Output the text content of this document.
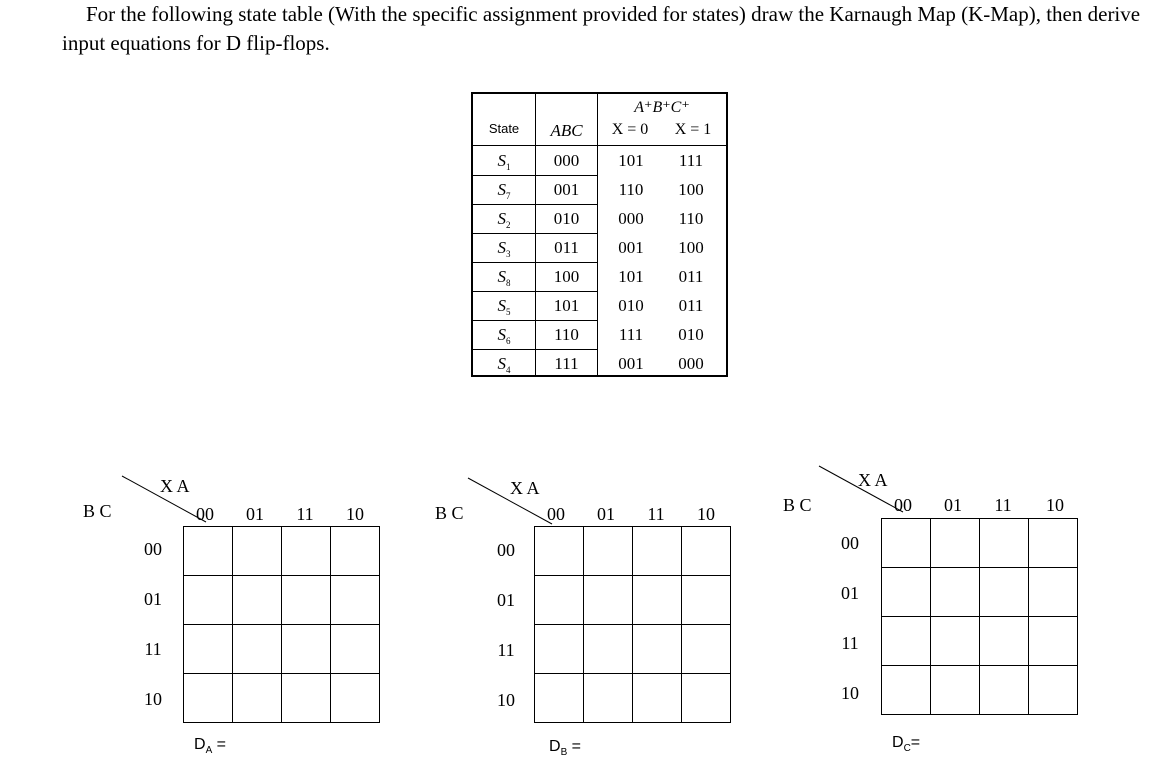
For the following state table (With the specific assignment provided for states) draw the Karnaugh Map (K-Map), then derive input equations for D flip-flops.

State	ABC
A⁺B⁺C⁺
X = 0	X = 1
$S_1$	000	101	111
$S_7$	001	110	100
$S_2$	010	000	110
$S_3$	011	001	100
$S_8$	100	101	011
$S_5$	101	010	011
$S_6$	110	111	010
$S_4$	111	001	000
X A
B C	00	01	11	10
00
01
11
10

$D_A$ =
X A
B C	00	01	11	10
00
01
11
10

$D_B$ =
X A
B C	00	01	11	10
00
01
11
10

$D_C=$
